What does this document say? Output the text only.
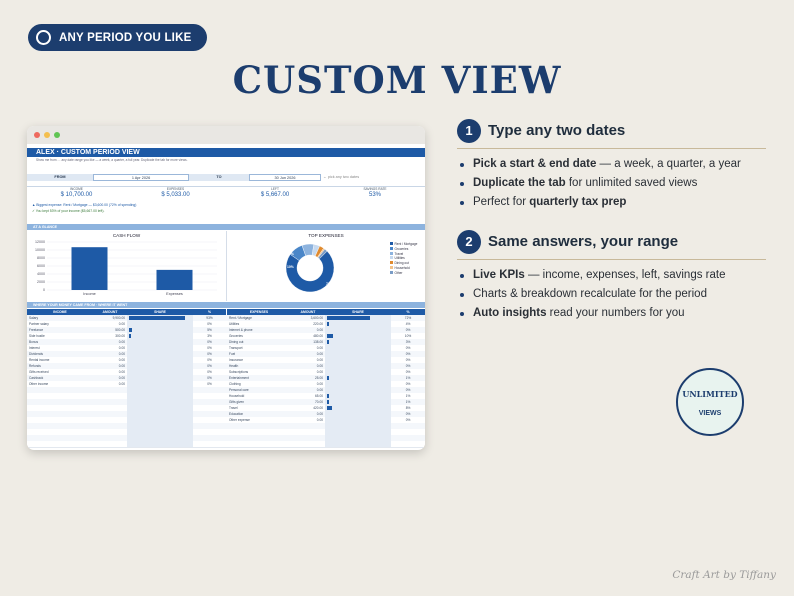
ANY PERIOD YOU LIKE
CUSTOM VIEW
ALEX · CUSTOM PERIOD VIEW
Show me from … any date range you like — a week, a quarter, a full year. Duplicate the tab for more views.
FROM	1 Apr 2026	TO	30 Jun 2026	← pick any two dates
INCOME
$ 10,700.00
EXPENSES
$ 5,033.00
LEFT
$ 5,667.00
SAVINGS RATE
53%
▲ Biggest expense: Rent / Mortgage — $3,600.00 (72% of spending)
✓ You kept 53% of your income ($5,667.00 left).
AT A GLANCE
CASH FLOW
12000
10000
8000
6000
4000
2000
0
Income	Expenses
TOP EXPENSES
72%
7%
10%
Rent / Mortgage
Groceries
Travel
Utilities
Dining out
Household
Other
WHERE YOUR MONEY CAME FROM · WHERE IT WENT
INCOME	AMOUNT	SHARE	%	EXPENSES	AMOUNT	SHARE	%
Salary	9,900.00	93%	Rent / Mortgage	3,600.00	72%
Partner salary	0.00	0%	Utilities	220.00	4%
Freelance	500.00	5%	Internet & phone	0.00	0%
Side hustle	300.00	3%	Groceries	480.00	10%
Bonus	0.00	0%	Dining out	138.00	3%
Interest	0.00	0%	Transport	0.00	0%
Dividends	0.00	0%	Fuel	0.00	0%
Rental income	0.00	0%	Insurance	0.00	0%
Refunds	0.00	0%	Health	0.00	0%
Gifts received	0.00	0%	Subscriptions	0.00	0%
Cashback	0.00	0%	Entertainment	25.00	1%
Other income	0.00	0%	Clothing	0.00	0%
Personal care	0.00	0%
Household	65.00	1%
Gifts given	70.00	1%
Travel	420.00	8%
Education	0.00	0%
Other expense	0.00	0%
1	Type any two dates
Pick a start & end date — a week, a quarter, a year
Duplicate the tab for unlimited saved views
Perfect for quarterly tax prep
2	Same answers, your range
Live KPIs — income, expenses, left, savings rate
Charts & breakdown recalculate for the period
Auto insights read your numbers for you
UNLIMITED
VIEWS
Craft Art by Tiffany
